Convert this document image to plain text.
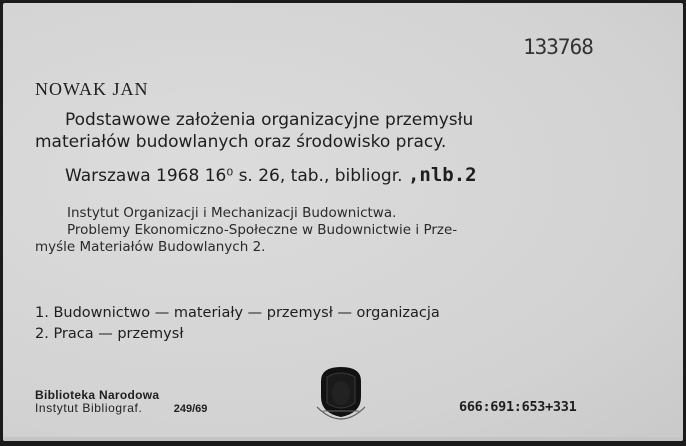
133768
NOWAK JAN
Podstawowe założenia organizacyjne przemysłu
materiałów budowlanych oraz środowisko pracy.
Warszawa 1968 16⁰ s. 26, tab., bibliogr. ,nlb.2
Instytut Organizacji i Mechanizacji Budownictwa.
Problemy Ekonomiczno-Społeczne w Budownictwie i Prze-
myśle Materiałów Budowlanych 2.
1. Budownictwo — materiały — przemysł — organizacja
2. Praca — przemysł
Biblioteka Narodowa
Instytut Bibliograf.	249/69	666:691:653+331
